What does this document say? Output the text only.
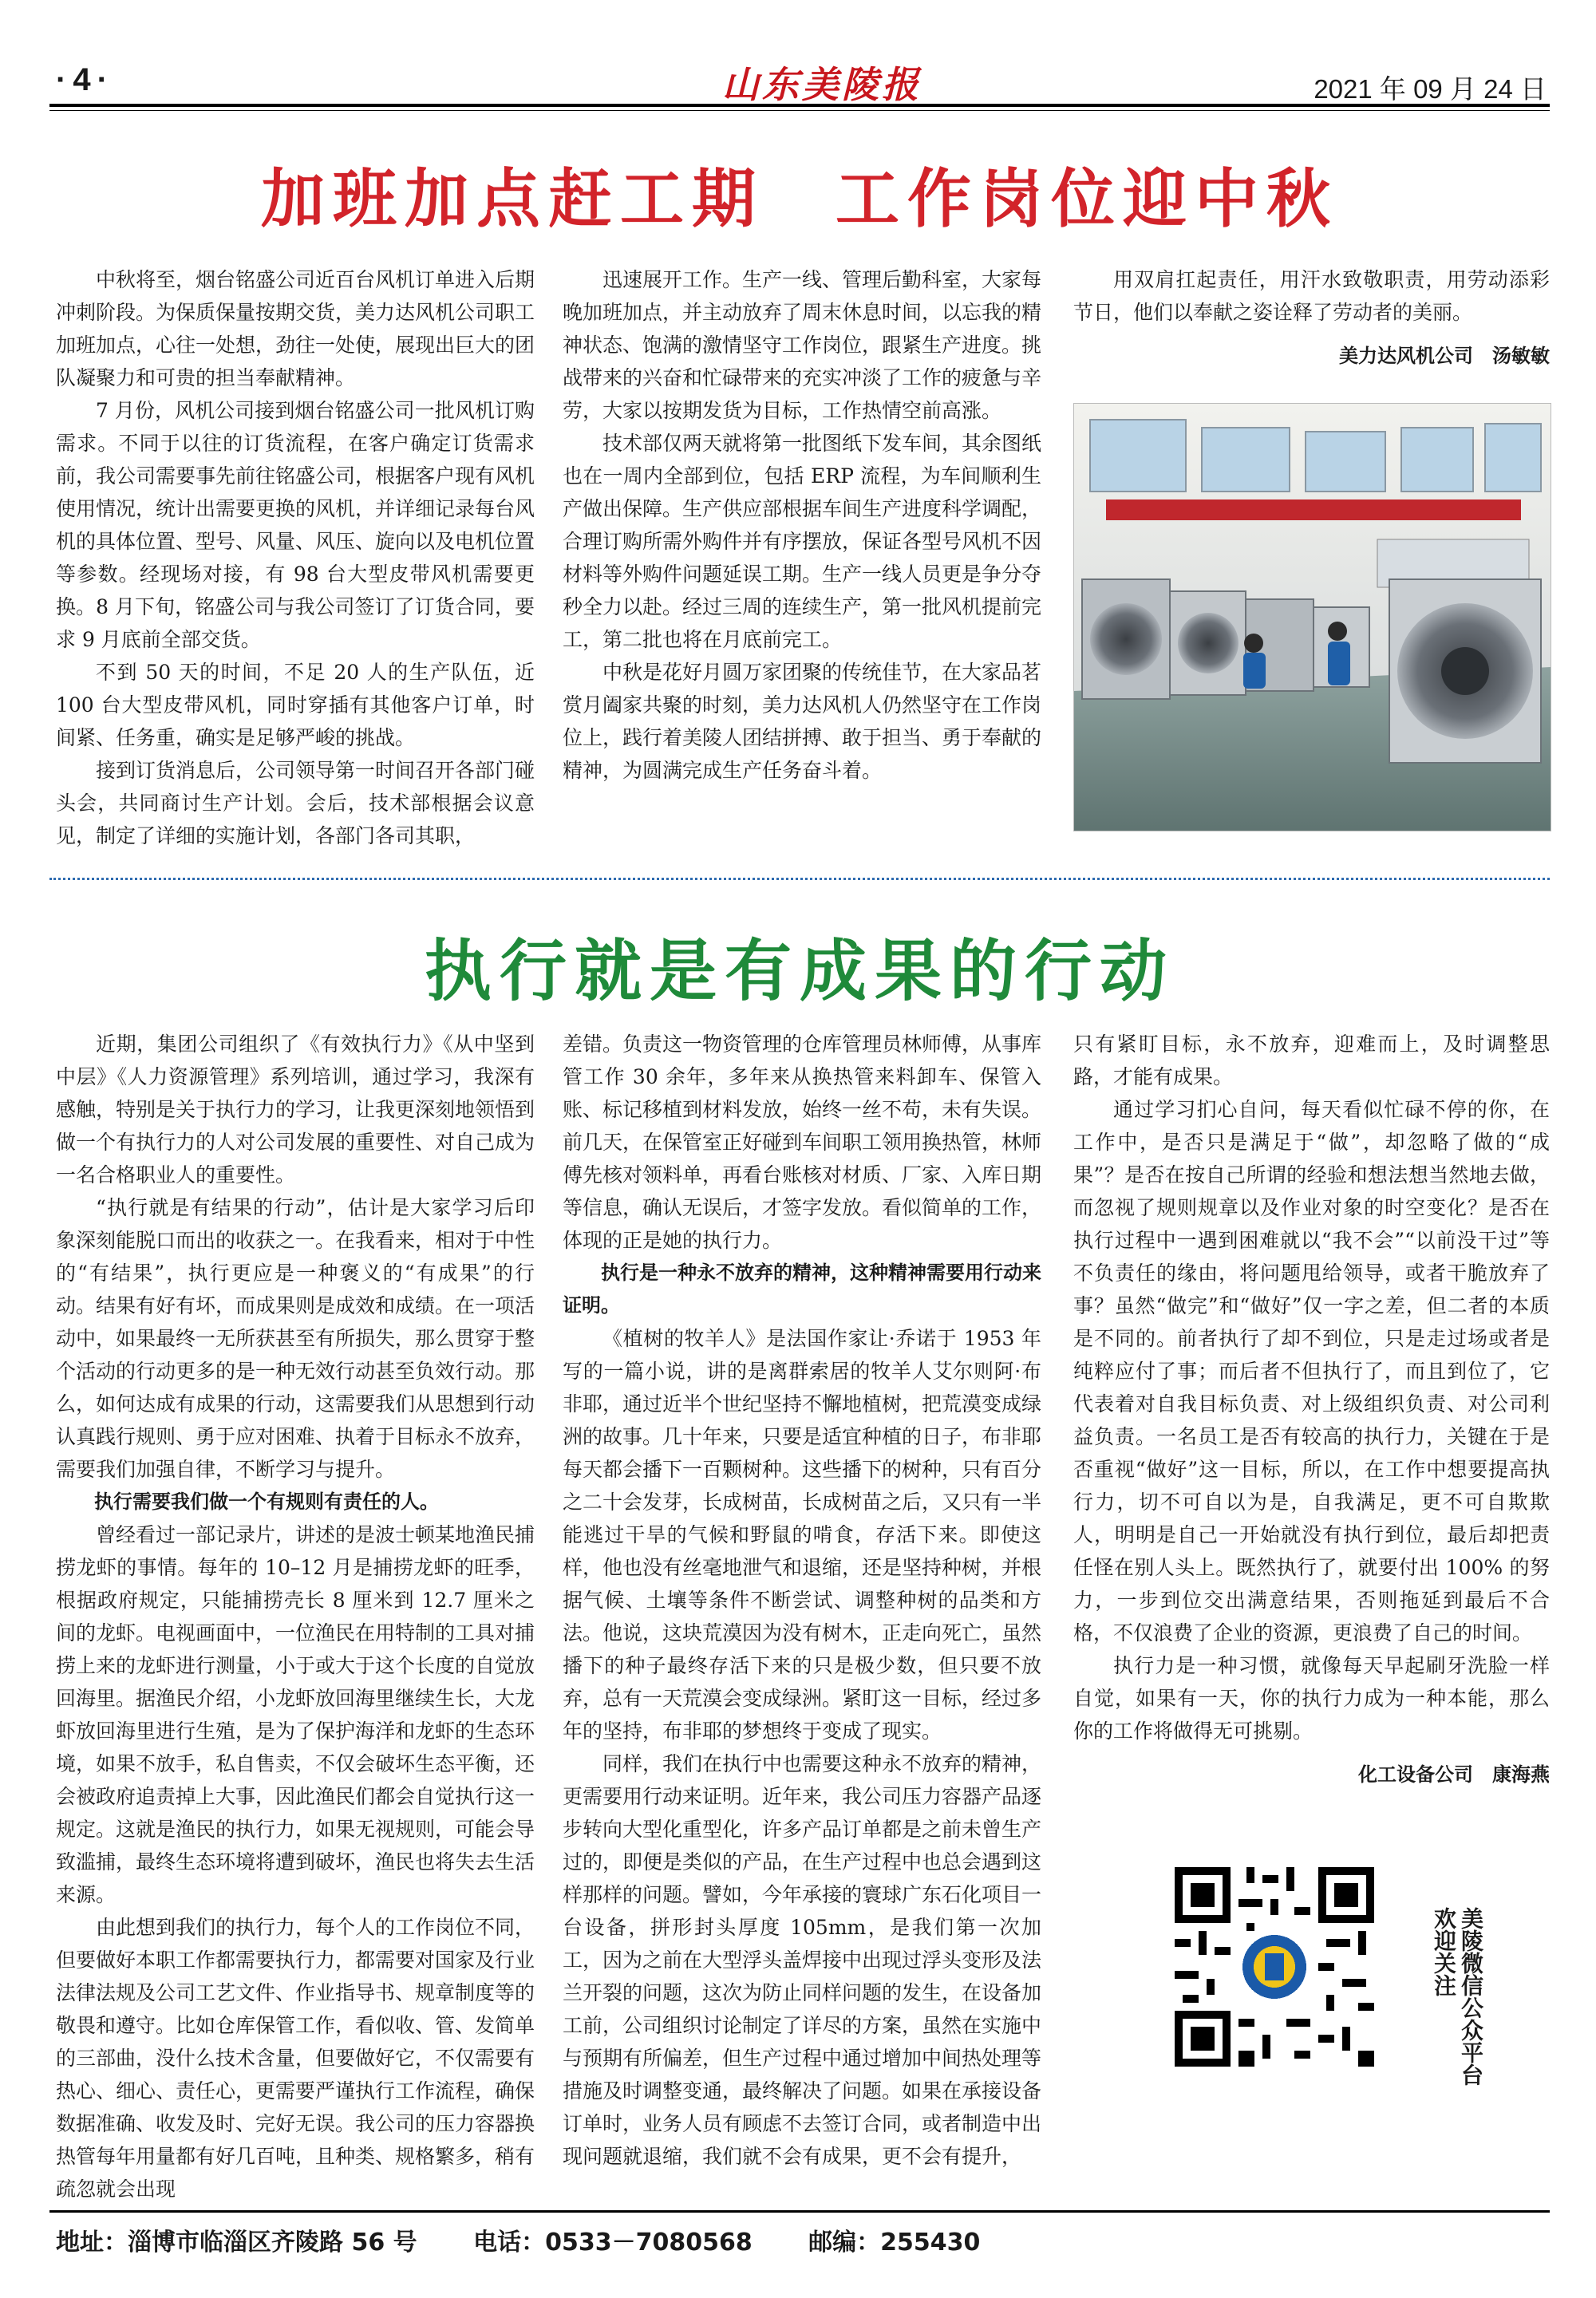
·4·	山东美陵报	2021 年 09 月 24 日
加班加点赶工期　工作岗位迎中秋

中秋将至，烟台铭盛公司近百台风机订单进入后期冲刺阶段。为保质保量按期交货，美力达风机公司职工加班加点，心往一处想，劲往一处使，展现出巨大的团队凝聚力和可贵的担当奉献精神。

7 月份，风机公司接到烟台铭盛公司一批风机订购需求。不同于以往的订货流程，在客户确定订货需求前，我公司需要事先前往铭盛公司，根据客户现有风机使用情况，统计出需要更换的风机，并详细记录每台风机的具体位置、型号、风量、风压、旋向以及电机位置等参数。经现场对接，有 98 台大型皮带风机需要更换。8 月下旬，铭盛公司与我公司签订了订货合同，要求 9 月底前全部交货。

不到 50 天的时间，不足 20 人的生产队伍，近 100 台大型皮带风机，同时穿插有其他客户订单，时间紧、任务重，确实是足够严峻的挑战。

接到订货消息后，公司领导第一时间召开各部门碰头会，共同商讨生产计划。会后，技术部根据会议意见，制定了详细的实施计划，各部门各司其职，

迅速展开工作。生产一线、管理后勤科室，大家每晚加班加点，并主动放弃了周末休息时间，以忘我的精神状态、饱满的激情坚守工作岗位，跟紧生产进度。挑战带来的兴奋和忙碌带来的充实冲淡了工作的疲惫与辛劳，大家以按期发货为目标，工作热情空前高涨。

技术部仅两天就将第一批图纸下发车间，其余图纸也在一周内全部到位，包括 ERP 流程，为车间顺利生产做出保障。生产供应部根据车间生产进度科学调配，合理订购所需外购件并有序摆放，保证各型号风机不因材料等外购件问题延误工期。生产一线人员更是争分夺秒全力以赴。经过三周的连续生产，第一批风机提前完工，第二批也将在月底前完工。

中秋是花好月圆万家团聚的传统佳节，在大家品茗赏月阖家共聚的时刻，美力达风机人仍然坚守在工作岗位上，践行着美陵人团结拼搏、敢于担当、勇于奉献的精神，为圆满完成生产任务奋斗着。

用双肩扛起责任，用汗水致敬职责，用劳动添彩节日，他们以奉献之姿诠释了劳动者的美丽。

美力达风机公司　汤敏敏
执行就是有成果的行动

近期，集团公司组织了《有效执行力》《从中坚到中层》《人力资源管理》系列培训，通过学习，我深有感触，特别是关于执行力的学习，让我更深刻地领悟到做一个有执行力的人对公司发展的重要性、对自己成为一名合格职业人的重要性。

“执行就是有结果的行动”，估计是大家学习后印象深刻能脱口而出的收获之一。在我看来，相对于中性的“有结果”，执行更应是一种褒义的“有成果”的行动。结果有好有坏，而成果则是成效和成绩。在一项活动中，如果最终一无所获甚至有所损失，那么贯穿于整个活动的行动更多的是一种无效行动甚至负效行动。那么，如何达成有成果的行动，这需要我们从思想到行动认真践行规则、勇于应对困难、执着于目标永不放弃，需要我们加强自律，不断学习与提升。

执行需要我们做一个有规则有责任的人。

曾经看过一部记录片，讲述的是波士顿某地渔民捕捞龙虾的事情。每年的 10–12 月是捕捞龙虾的旺季，根据政府规定，只能捕捞壳长 8 厘米到 12.7 厘米之间的龙虾。电视画面中，一位渔民在用特制的工具对捕捞上来的龙虾进行测量，小于或大于这个长度的自觉放回海里。据渔民介绍，小龙虾放回海里继续生长，大龙虾放回海里进行生殖，是为了保护海洋和龙虾的生态环境，如果不放手，私自售卖，不仅会破坏生态平衡，还会被政府追责掉上大事，因此渔民们都会自觉执行这一规定。这就是渔民的执行力，如果无视规则，可能会导致滥捕，最终生态环境将遭到破坏，渔民也将失去生活来源。

由此想到我们的执行力，每个人的工作岗位不同，但要做好本职工作都需要执行力，都需要对国家及行业法律法规及公司工艺文件、作业指导书、规章制度等的敬畏和遵守。比如仓库保管工作，看似收、管、发简单的三部曲，没什么技术含量，但要做好它，不仅需要有热心、细心、责任心，更需要严谨执行工作流程，确保数据准确、收发及时、完好无误。我公司的压力容器换热管每年用量都有好几百吨，且种类、规格繁多，稍有疏忽就会出现

差错。负责这一物资管理的仓库管理员林师傅，从事库管工作 30 余年，多年来从换热管来料卸车、保管入账、标记移植到材料发放，始终一丝不苟，未有失误。前几天，在保管室正好碰到车间职工领用换热管，林师傅先核对领料单，再看台账核对材质、厂家、入库日期等信息，确认无误后，才签字发放。看似简单的工作，体现的正是她的执行力。

执行是一种永不放弃的精神，这种精神需要用行动来证明。

《植树的牧羊人》是法国作家让·乔诺于 1953 年写的一篇小说，讲的是离群索居的牧羊人艾尔则阿·布非耶，通过近半个世纪坚持不懈地植树，把荒漠变成绿洲的故事。几十年来，只要是适宜种植的日子，布非耶每天都会播下一百颗树种。这些播下的树种，只有百分之二十会发芽，长成树苗，长成树苗之后，又只有一半能逃过干旱的气候和野鼠的啃食，存活下来。即使这样，他也没有丝毫地泄气和退缩，还是坚持种树，并根据气候、土壤等条件不断尝试、调整种树的品类和方法。他说，这块荒漠因为没有树木，正走向死亡，虽然播下的种子最终存活下来的只是极少数，但只要不放弃，总有一天荒漠会变成绿洲。紧盯这一目标，经过多年的坚持，布非耶的梦想终于变成了现实。

同样，我们在执行中也需要这种永不放弃的精神，更需要用行动来证明。近年来，我公司压力容器产品逐步转向大型化重型化，许多产品订单都是之前未曾生产过的，即便是类似的产品，在生产过程中也总会遇到这样那样的问题。譬如，今年承接的寰球广东石化项目一台设备，拼形封头厚度 105mm，是我们第一次加工，因为之前在大型浮头盖焊接中出现过浮头变形及法兰开裂的问题，这次为防止同样问题的发生，在设备加工前，公司组织讨论制定了详尽的方案，虽然在实施中与预期有所偏差，但生产过程中通过增加中间热处理等措施及时调整变通，最终解决了问题。如果在承接设备订单时，业务人员有顾虑不去签订合同，或者制造中出现问题就退缩，我们就不会有成果，更不会有提升，

只有紧盯目标，永不放弃，迎难而上，及时调整思路，才能有成果。

通过学习扪心自问，每天看似忙碌不停的你，在工作中，是否只是满足于“做”，却忽略了做的“成果”？是否在按自己所谓的经验和想法想当然地去做，而忽视了规则规章以及作业对象的时空变化？是否在执行过程中一遇到困难就以“我不会”“以前没干过”等不负责任的缘由，将问题甩给领导，或者干脆放弃了事？虽然“做完”和“做好”仅一字之差，但二者的本质是不同的。前者执行了却不到位，只是走过场或者是纯粹应付了事；而后者不但执行了，而且到位了，它代表着对自我目标负责、对上级组织负责、对公司利益负责。一名员工是否有较高的执行力，关键在于是否重视“做好”这一目标，所以，在工作中想要提高执行力，切不可自以为是，自我满足，更不可自欺欺人，明明是自己一开始就没有执行到位，最后却把责任怪在别人头上。既然执行了，就要付出 100% 的努力，一步到位交出满意结果，否则拖延到最后不合格，不仅浪费了企业的资源，更浪费了自己的时间。

执行力是一种习惯，就像每天早起刷牙洗脸一样自觉，如果有一天，你的执行力成为一种本能，那么你的工作将做得无可挑剔。

化工设备公司　康海燕
美陵微信公众平台欢迎关注
地址：淄博市临淄区齐陵路 56 号 电话：0533－7080568 邮编：255430
